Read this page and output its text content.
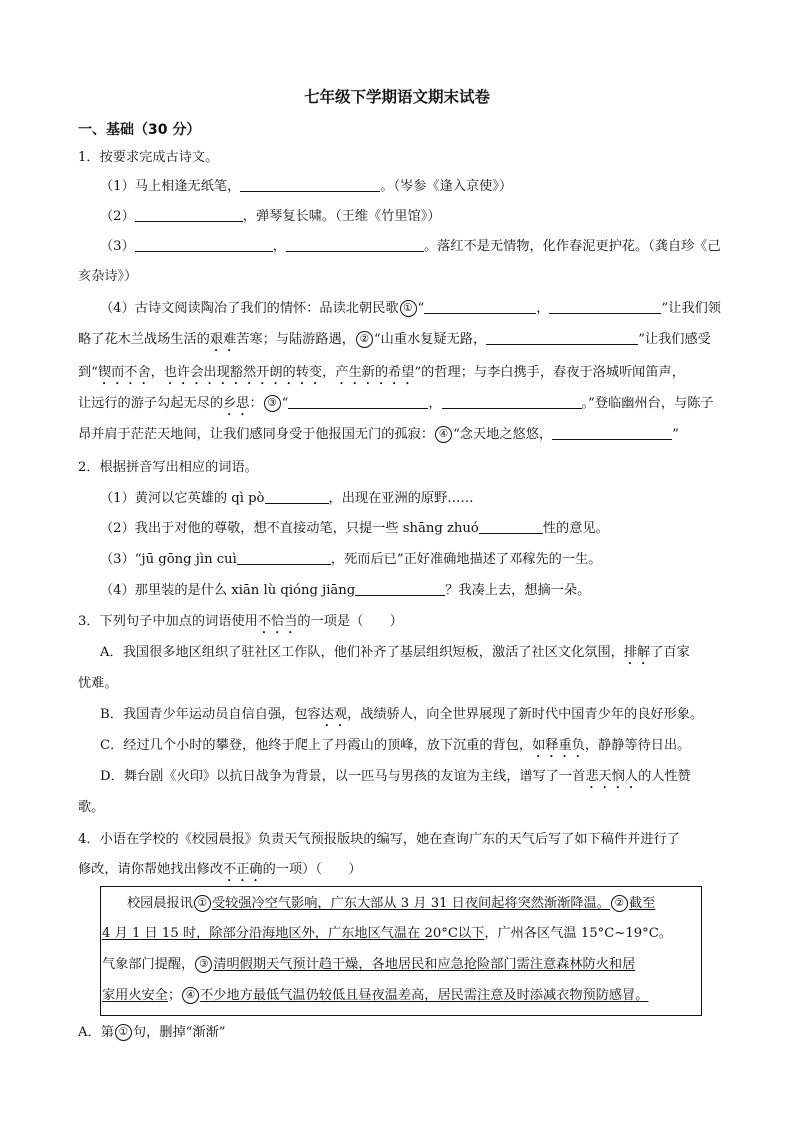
七年级下学期语文期末试卷
一、基础（30 分）
1．按要求完成古诗文。
（1）马上相逢无纸笔，	。（岑参《逢入京使》）
（2）	，弹琴复长啸。（王维《竹里馆》）
（3）	，	。落红不是无情物，化作春泥更护花。（龚自珍《己
亥杂诗》）
（4）古诗文阅读陶冶了我们的情怀：品读北朝民歌 ① “	，	”让我们领
略了花木兰战场生活的艰难苦寒；与陆游路遇， ② “山重水复疑无路，	”让我们感受
到“锲而不舍，也许会出现豁然开朗的转变，产生新的希望”的哲理；与李白携手，春夜于洛城听闻笛声，
让远行的游子勾起无尽的乡思： ③ “	，	。”登临幽州台，与陈子
昂并肩于茫茫天地间，让我们感同身受于他报国无门的孤寂： ④ “念天地之悠悠，	”
2．根据拼音写出相应的词语。
（1）黄河以它英雄的 qì pò	，出现在亚洲的原野……
（2）我出于对他的尊敬，想不直接动笔，只提一些 shāng zhuó	性的意见。
（3）“jū gōng jìn cuì	，死而后已”正好准确地描述了邓稼先的一生。
（4）那里装的是什么 xiān lù qióng jiāng	？我凑上去，想摘一朵。
3．下列句子中加点的词语使用不恰当的一项是（　　）
A．我国很多地区组织了驻社区工作队，他们补齐了基层组织短板，激活了社区文化氛围，排解了百家
忧难。
B．我国青少年运动员自信自强，包容达观，战绩骄人，向全世界展现了新时代中国青少年的良好形象。
C．经过几个小时的攀登，他终于爬上了丹霞山的顶峰，放下沉重的背包，如释重负，静静等待日出。
D．舞台剧《火印》以抗日战争为背景，以一匹马与男孩的友谊为主线，谱写了一首悲天悯人的人性赞
歌。
4．小语在学校的《校园晨报》负责天气预报版块的编写，她在查询广东的天气后写了如下稿件并进行了
修改，请你帮她找出修改不正确的一项）（　　）
校园晨报讯 ① 受较强冷空气影响，广东大部从 3 月 31 日夜间起将突然渐渐降温。 ② 截至
4 月 1 日 15 时，除部分沿海地区外，广东地区气温在 20°C以下，广州各区气温 15°C~19°C。
气象部门提醒， ③ 清明假期天气预计趋干燥，各地居民和应急抢险部门需注意森林防火和居
家用火安全； ④ 不少地方最低气温仍较低且昼夜温差高，居民需注意及时添减衣物预防感冒。
A．第 ① 句，删掉“渐渐”
